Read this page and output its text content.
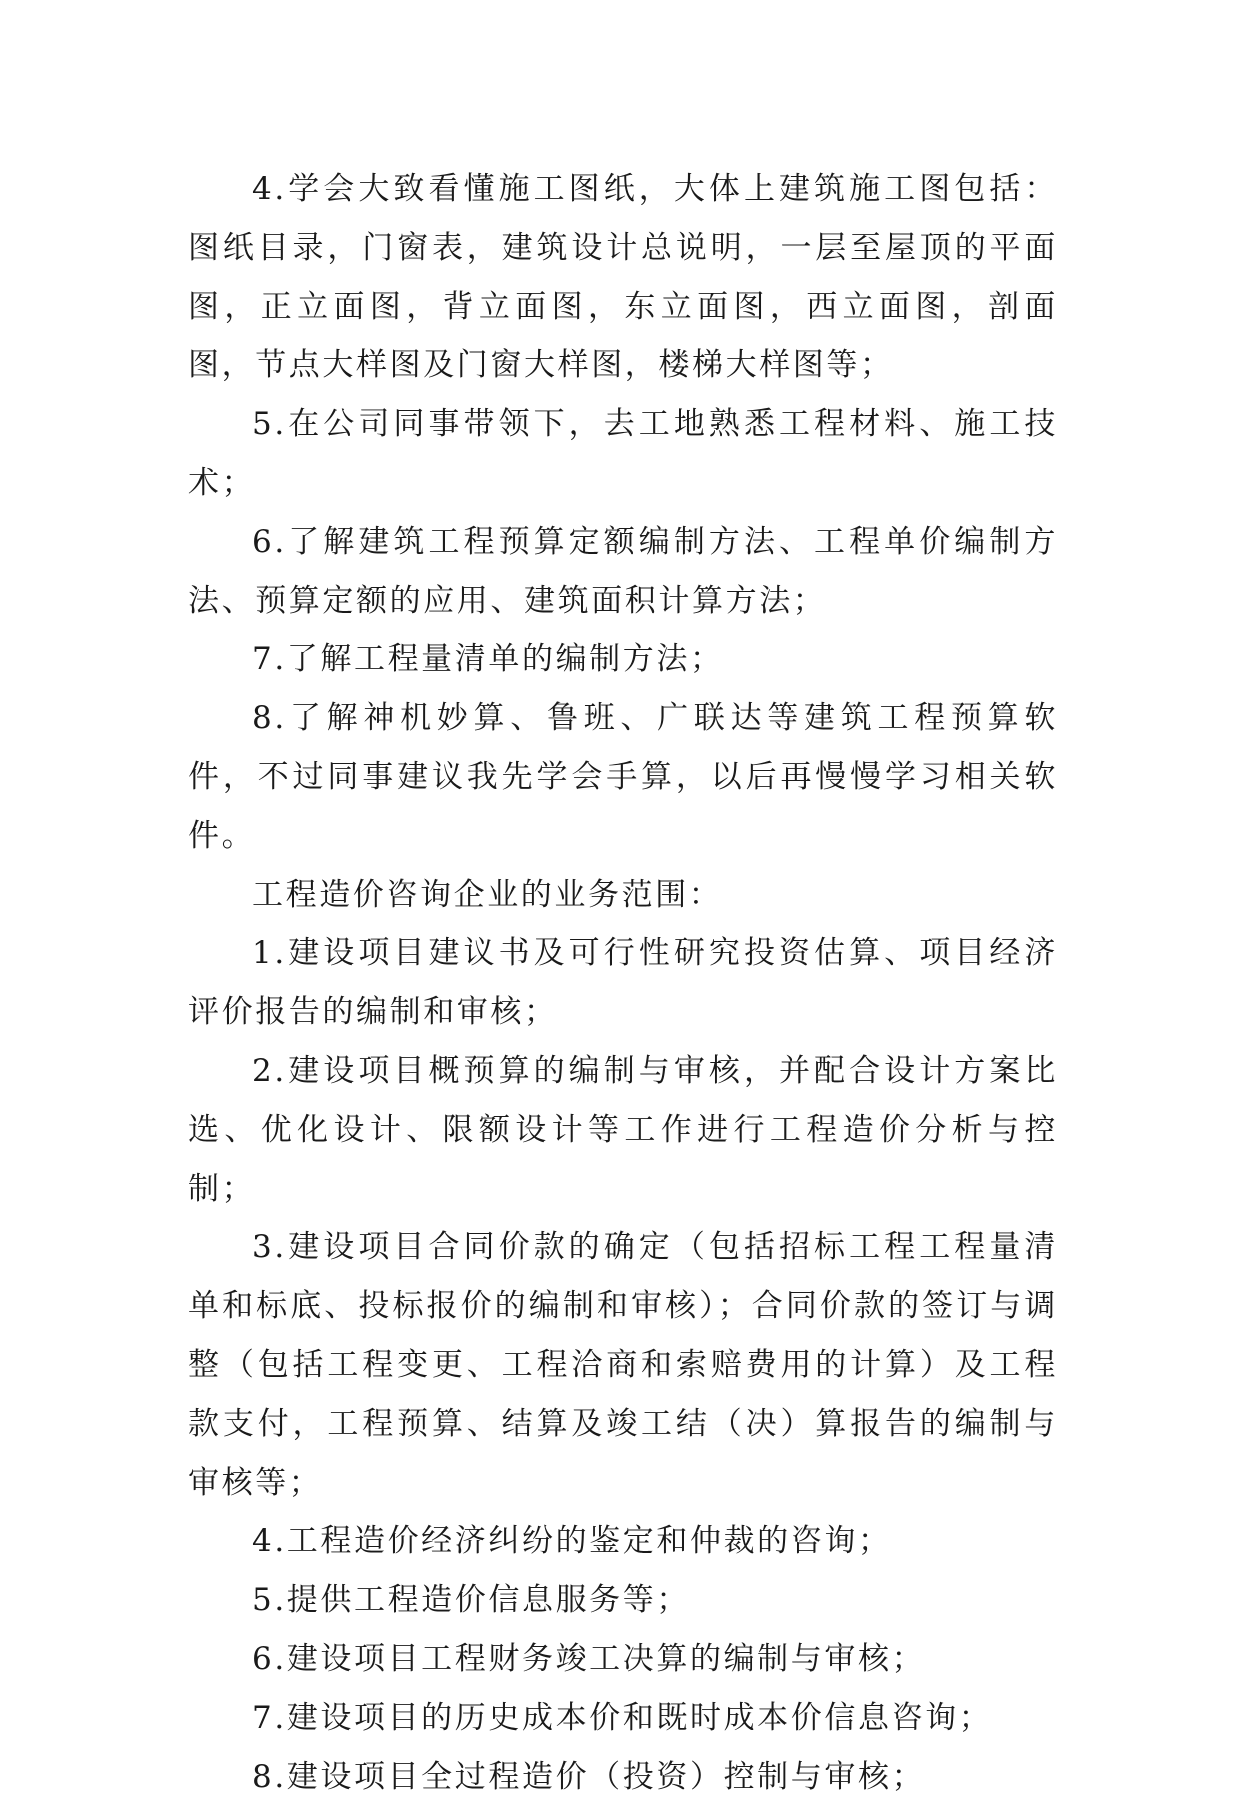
4.学会大致看懂施工图纸，大体上建筑施工图包括：图纸目录，门窗表，建筑设计总说明，一层至屋顶的平面图，正立面图，背立面图，东立面图，西立面图，剖面图，节点大样图及门窗大样图，楼梯大样图等；

5.在公司同事带领下，去工地熟悉工程材料、施工技术；

6.了解建筑工程预算定额编制方法、工程单价编制方法、预算定额的应用、建筑面积计算方法；

7.了解工程量清单的编制方法；

8.了解神机妙算、鲁班、广联达等建筑工程预算软件，不过同事建议我先学会手算，以后再慢慢学习相关软件。

工程造价咨询企业的业务范围：

1.建设项目建议书及可行性研究投资估算、项目经济评价报告的编制和审核；

2.建设项目概预算的编制与审核，并配合设计方案比选、优化设计、限额设计等工作进行工程造价分析与控制；

3.建设项目合同价款的确定（包括招标工程工程量清单和标底、投标报价的编制和审核）；合同价款的签订与调整（包括工程变更、工程洽商和索赔费用的计算）及工程款支付，工程预算、结算及竣工结（决）算报告的编制与审核等；

4.工程造价经济纠纷的鉴定和仲裁的咨询；

5.提供工程造价信息服务等；

6.建设项目工程财务竣工决算的编制与审核；

7.建设项目的历史成本价和既时成本价信息咨询；

8.建设项目全过程造价（投资）控制与审核；
